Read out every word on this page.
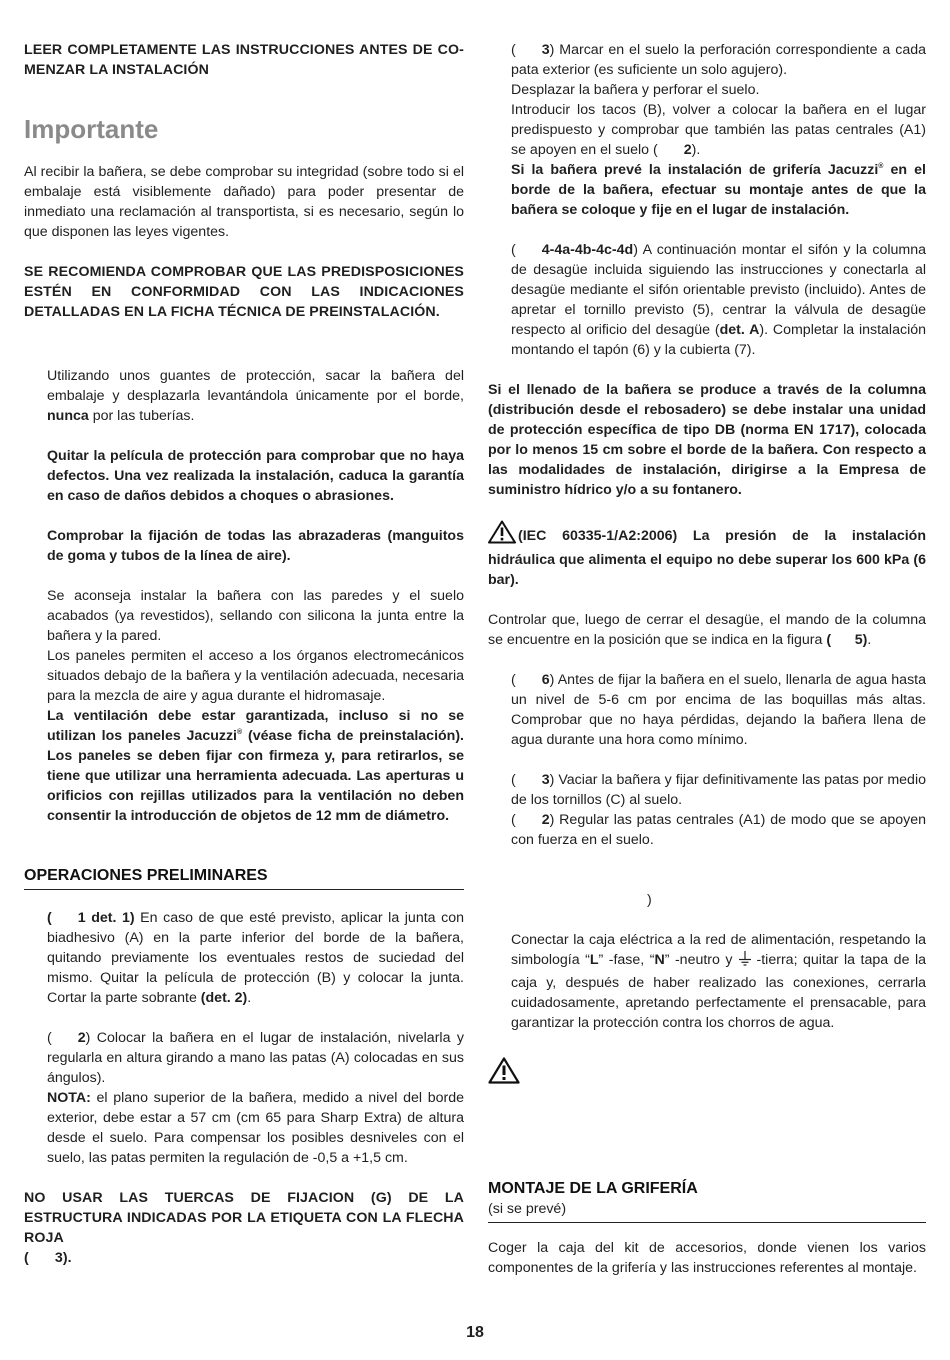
LEER COMPLETAMENTE LAS INSTRUCCIONES ANTES DE CO-MENZAR LA INSTALACIÓN

Importante

Al recibir la bañera, se debe comprobar su integridad (sobre todo si el embalaje está visiblemente dañado) para poder presentar de inmediato una reclamación al transportista, si es necesario, según lo que disponen las leyes vigentes.

SE RECOMIENDA COMPROBAR QUE LAS PREDISPOSICIONES ESTÉN EN CONFORMIDAD CON LAS INDICACIONES DETALLADAS EN LA FICHA TÉCNICA DE PREINSTALACIÓN.

Utilizando unos guantes de protección, sacar la bañera del embalaje y desplazarla levantándola únicamente por el borde, nunca por las tuberías.

Quitar la película de protección para comprobar que no haya defectos. Una vez realizada la instalación, caduca la garantía en caso de daños debidos a choques o abrasiones.

Comprobar la fijación de todas las abrazaderas (manguitos de goma y tubos de la línea de aire).

Se aconseja instalar la bañera con las paredes y el suelo acabados (ya revestidos), sellando con silicona la junta entre la bañera y la pared.

Los paneles permiten el acceso a los órganos electromecánicos situados debajo de la bañera y la ventilación adecuada, necesaria para la mezcla de aire y agua durante el hidromasaje.
La ventilación debe estar garantizada, incluso si no se utilizan los paneles Jacuzzi® (véase ficha de preinstalación). Los paneles se deben fijar con firmeza y, para retirarlos, se tiene que utilizar una herramienta adecuada. Las aperturas u orificios con rejillas utilizados para la ventilación no deben consentir la introducción de objetos de 12 mm de diámetro.

OPERACIONES PRELIMINARES

( 1 det. 1) En caso de que esté previsto, aplicar la junta con biadhesivo (A) en la parte inferior del borde de la bañera, quitando previamente los eventuales restos de suciedad del mismo. Quitar la película de protección (B) y colocar la junta. Cortar la parte sobrante (det. 2).

( 2) Colocar la bañera en el lugar de instalación, nivelarla y regularla en altura girando a mano las patas (A) colocadas en sus ángulos).

NOTA: el plano superior de la bañera, medido a nivel del borde exterior, debe estar a 57 cm (cm 65 para Sharp Extra) de altura desde el suelo. Para compensar los posibles desniveles con el suelo, las patas permiten la regulación de -0,5 a +1,5 cm.

NO USAR LAS TUERCAS DE FIJACION (G) DE LA ESTRUCTURA INDICADAS POR LA ETIQUETA CON LA FLECHA ROJA
( 3).

( 3) Marcar en el suelo la perforación correspondiente a cada pata exterior (es suficiente un solo agujero).

Desplazar la bañera y perforar el suelo.

Introducir los tacos (B), volver a colocar la bañera en el lugar predispuesto y comprobar que también las patas centrales (A1) se apoyen en el suelo ( 2).

Si la bañera prevé la instalación de grifería Jacuzzi® en el borde de la bañera, efectuar su montaje antes de que la bañera se coloque y fije en el lugar de instalación.

( 4-4a-4b-4c-4d) A continuación montar el sifón y la columna de desagüe incluida siguiendo las instrucciones y conectarla al desagüe mediante el sifón orientable previsto (incluido). Antes de apretar el tornillo previsto (5), centrar la válvula de desagüe respecto al orificio del desagüe (det. A). Completar la instalación montando el tapón (6) y la cubierta (7).

Si el llenado de la bañera se produce a través de la columna (distribución desde el rebosadero) se debe instalar una unidad de protección específica de tipo DB (norma EN 1717), colocada por lo menos 15 cm sobre el borde de la bañera. Con respecto a las modalidades de instalación, dirigirse a la Empresa de suministro hídrico y/o a su fontanero.

(IEC 60335-1/A2:2006) La presión de la instalación hidráulica que alimenta el equipo no debe superar los 600 kPa (6 bar).

Controlar que, luego de cerrar el desagüe, el mando de la columna se encuentre en la posición que se indica en la figura (      5).

( 6) Antes de fijar la bañera en el suelo, llenarla de agua hasta un nivel de 5-6 cm por encima de las boquillas más altas. Comprobar que no haya pérdidas, dejando la bañera llena de agua durante una hora como mínimo.

( 3) Vaciar la bañera y fijar definitivamente las patas por medio de los tornillos (C) al suelo.

( 2) Regular las patas centrales (A1) de modo que se apoyen con fuerza en el suelo.

)

Conectar la caja eléctrica a la red de alimentación, respetando la simbología “L” -fase, “N” -neutro y -tierra; quitar la tapa de la caja y, después de haber realizado las conexiones, cerrarla cuidadosamente, apretando perfectamente el prensacable, para garantizar la protección contra los chorros de agua.

MONTAJE DE LA GRIFERÍA
(si se prevé)

Coger la caja del kit de accesorios, donde vienen los varios componentes de la grifería y las instrucciones referentes al montaje.

18
